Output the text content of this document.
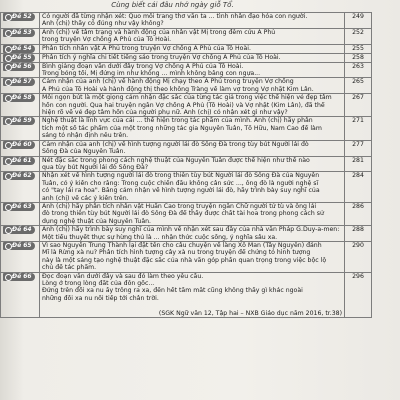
Cùng biết cái đâu nhớ ngày giỗ Tổ.
Đề 52	Có người đã từng nhận xét: Quo mỗi trang thơ văn ta ... tình nhân đạo hóa con người.
Anh (chị) thấy có đúng như vậy không?	249
Đề 53	Anh (chị) về tâm trạng và hành động của nhân vật Mị trong đêm cứu A Phủ
trong truyện Vợ chồng A Phủ của Tô Hoài.	252
Đề 54	Phân tích nhân vật A Phủ trong truyện Vợ chồng A Phủ của Tô Hoài.	255
Đề 55	Phân tích ý nghĩa chi tiết tiếng sáo trong truyện Vợ chồng A Phủ của Tô Hoài.	258
Đề 56	Bình giảng đoạn văn dưới đây trong Vợ chồng A Phủ của Tô Hoài.
Trong bóng tối, Mị đứng im như không ... mình không bằng con ngựa...	263
Đề 57	Cảm nhận của anh (chị) về hành động Mị chạy theo A Phủ trong truyện Vợ chồng
A Phủ của Tô Hoài và hành động thị theo không Tràng về làm vợ trong Vợ nhặt Kim Lân.	265
Đề 58	Mỗi ngọn bút là một giọng cảm nhận đặc sắc của từng tác giả trong việc thể hiện vẻ đẹp tâm
hồn con người. Qua hai truyện ngắn Vợ chồng A Phủ (Tô Hoài) và Vợ nhặt (Kim Lân), đã thể
hiện rõ về vẻ đẹp tâm hồn của người phụ nữ. Anh (chị) có nhận xét gì như vậy?	267
Đề 59	Nghệ thuật là lĩnh vực của cái ... thể hiện trong tác phẩm của mình. Anh (chị) hãy phân
tích một số tác phẩm của một trong những tác gia Nguyễn Tuân, Tố Hữu, Nam Cao để làm
sáng tỏ nhận định nêu trên.	271
Đề 60	Cảm nhận của anh (chị) về hình tượng người lái đò Sông Đà trong tùy bút Người lái đò
Sông Đà của Nguyễn Tuân.	277
Đề 61	Nét đặc sắc trong phong cách nghệ thuật của Nguyễn Tuân được thể hiện như thế nào
qua tùy bút Người lái đò Sông Đà?	281
Đề 62	Nhận xét về hình tượng người lái đò trong thiên tùy bút Người lái đò Sông Đà của Nguyễn
Tuân, có ý kiến cho rằng: Trong cuộc chiến đấu không cân sức ..., ông đò là người nghệ sĩ
có "tay lái ra hoa". Bằng cảm nhận về hình tượng người lái đò, hãy trình bày suy nghĩ của
anh (chị) về các ý kiến trên.	284
Đề 63	Anh (chị) hãy phân tích nhân vật Huấn Cao trong truyện ngắn Chữ người tử tù và ông lái
đò trong thiên tùy bút Người lái đò Sông Đà để thấy được chất tài hoa trong phong cách sử
dụng nghệ thuật của Nguyễn Tuân.	286
Đề 64	Anh (chị) hãy trình bày suy nghĩ của mình về nhận xét sau đây của nhà văn Pháp G.Duy-a-men:
Một tiểu thuyết thực sự hừng thú là ... nhận thức cuộc sống, ý nghĩa sâu xa.	288
Đề 65	Vì sao Nguyễn Trung Thành lại đặt tên cho câu chuyện về làng Xô Man (Tây Nguyên) đánh
Mĩ là Rừng xà nu? Phân tích hình tượng cây xà nu trong truyện để chứng tỏ hình tượng
này là một sáng tạo nghệ thuật đặc sắc của nhà văn góp phần quan trọng trong việc bộc lộ
chủ đề tác phẩm.	290
Đề 66	Đọc đoạn văn dưới đây và sau đó làm theo yêu cầu.
Lòng ở trong lòng đất của đôn gốc...
Đứng trên đồi xa nu ấy trông ra xa, đến hết tầm mắt cũng không thấy gì khác ngoài
những đồi xa nu nối tiếp tới chân trời.

(SGK Ngữ văn 12, Tập hai – NXB Giáo dục năm 2016, tr.38)	296
